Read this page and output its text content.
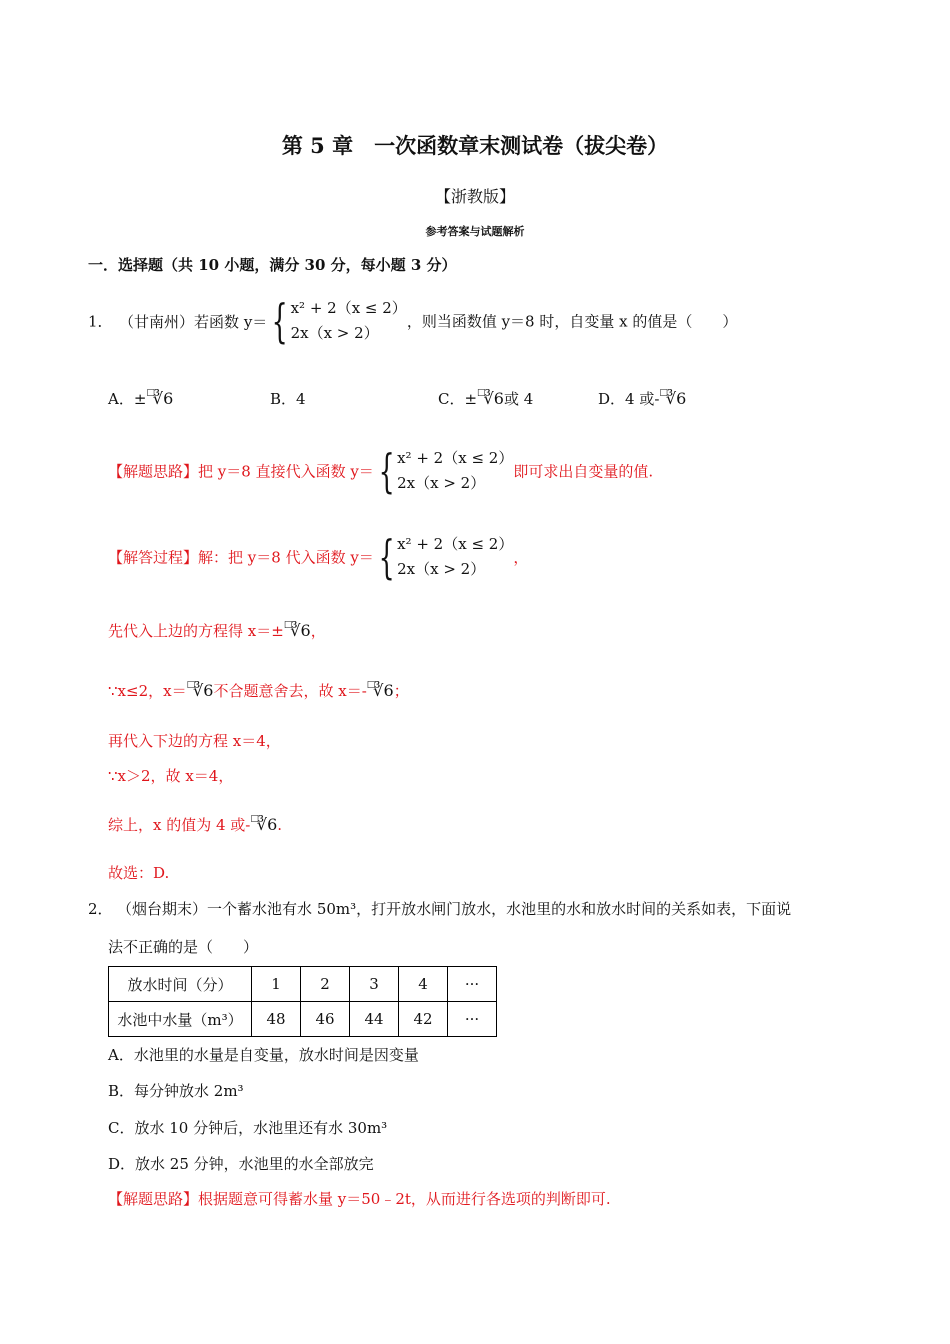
第 5 章　一次函数章末测试卷（拔尖卷）
【浙教版】
参考答案与试题解析
一．选择题（共 10 小题，满分 30 分，每小题 3 分）
1． （甘南州）若函数 y＝{ x² + 2（x ≤ 2）
2x（x > 2）
，则当函数值 y＝8 时，自变量 x 的值是（　　）
A．±□∛6	B．4	C．±□∛6或 4	D．4 或-□∛6
【解题思路】把 y＝8 直接代入函数 y＝{ x² + 2（x ≤ 2）
2x（x > 2）
即可求出自变量的值.
【解答过程】解：把 y＝8 代入函数 y＝{ x² + 2（x ≤ 2）
2x（x > 2）
，
先代入上边的方程得 x＝±□∛6，
∵x≤2，x＝□∛6不合题意舍去，故 x＝-□∛6；
再代入下边的方程 x＝4，
∵x＞2，故 x＝4，
综上，x 的值为 4 或-□∛6.
故选：D.
2． （烟台期末）一个蓄水池有水 50m³，打开放水闸门放水，水池里的水和放水时间的关系如表，下面说
法不正确的是（　　）
放水时间（分）	1	2	3	4	···
水池中水量（m³）	48	46	44	42	···
A．水池里的水量是自变量，放水时间是因变量
B．每分钟放水 2m³
C．放水 10 分钟后，水池里还有水 30m³
D．放水 25 分钟，水池里的水全部放完
【解题思路】根据题意可得蓄水量 y＝50﹣2t，从而进行各选项的判断即可.
